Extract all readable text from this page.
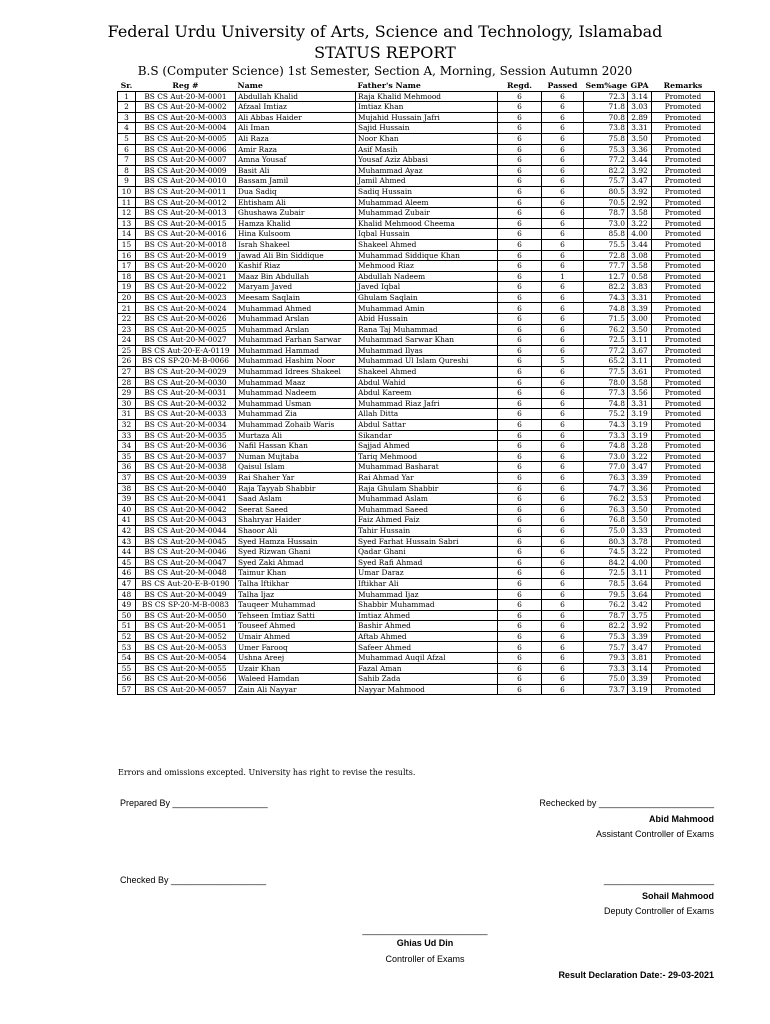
Federal Urdu University of Arts, Science and Technology, Islamabad
STATUS REPORT
B.S (Computer Science) 1st Semester, Section A, Morning, Session Autumn 2020
Sr.	Reg #	Name	Father's Name	Regd.	Passed	Sem%age	GPA	Remarks
1	BS CS Aut-20-M-0001	Abdullah Khalid	Raja Khalid Mehmood	6	6	72.3	3.14	Promoted
2	BS CS Aut-20-M-0002	Afzaal Imtiaz	Imtiaz Khan	6	6	71.8	3.03	Promoted
3	BS CS Aut-20-M-0003	Ali Abbas Haider	Mujahid Hussain Jafri	6	6	70.8	2.89	Promoted
4	BS CS Aut-20-M-0004	Ali Iman	Sajid Hussain	6	6	73.8	3.31	Promoted
5	BS CS Aut-20-M-0005	Ali Raza	Noor Khan	6	6	75.8	3.50	Promoted
6	BS CS Aut-20-M-0006	Amir Raza	Asif Masih	6	6	75.3	3.36	Promoted
7	BS CS Aut-20-M-0007	Amna Yousaf	Yousaf Aziz Abbasi	6	6	77.2	3.44	Promoted
8	BS CS Aut-20-M-0009	Basit Ali	Muhammad Ayaz	6	6	82.2	3.92	Promoted
9	BS CS Aut-20-M-0010	Bassam Jamil	Jamil Ahmed	6	6	75.7	3.47	Promoted
10	BS CS Aut-20-M-0011	Dua Sadiq	Sadiq Hussain	6	6	80.5	3.92	Promoted
11	BS CS Aut-20-M-0012	Ehtisham Ali	Muhammad Aleem	6	6	70.5	2.92	Promoted
12	BS CS Aut-20-M-0013	Ghushawa Zubair	Muhammad Zubair	6	6	78.7	3.58	Promoted
13	BS CS Aut-20-M-0015	Hamza Khalid	Khalid Mehmood Cheema	6	6	73.0	3.22	Promoted
14	BS CS Aut-20-M-0016	Hina Kulsoom	Iqbal Hussain	6	6	85.8	4.00	Promoted
15	BS CS Aut-20-M-0018	Israh Shakeel	Shakeel Ahmed	6	6	75.5	3.44	Promoted
16	BS CS Aut-20-M-0019	Jawad Ali Bin Siddique	Muhammad Siddique Khan	6	6	72.8	3.08	Promoted
17	BS CS Aut-20-M-0020	Kashif Riaz	Mehmood Riaz	6	6	77.7	3.58	Promoted
18	BS CS Aut-20-M-0021	Maaz Bin Abdullah	Abdullah Nadeem	6	1	12.7	0.58	Promoted
19	BS CS Aut-20-M-0022	Maryam Javed	Javed Iqbal	6	6	82.2	3.83	Promoted
20	BS CS Aut-20-M-0023	Meesam Saqlain	Ghulam Saqlain	6	6	74.3	3.31	Promoted
21	BS CS Aut-20-M-0024	Muhammad Ahmed	Muhammad Amin	6	6	74.8	3.39	Promoted
22	BS CS Aut-20-M-0026	Muhammad Arslan	Abid Hussain	6	6	71.5	3.00	Promoted
23	BS CS Aut-20-M-0025	Muhammad Arslan	Rana Taj Muhammad	6	6	76.2	3.50	Promoted
24	BS CS Aut-20-M-0027	Muhammad Farhan Sarwar	Muhammad Sarwar Khan	6	6	72.5	3.11	Promoted
25	BS CS Aut-20-E-A-0119	Muhammad Hammad	Muhammad Ilyas	6	6	77.2	3.67	Promoted
26	BS CS SP-20-M-B-0066	Muhammad Hashim Noor	Muhammad Ul Islam Qureshi	6	5	65.2	3.11	Promoted
27	BS CS Aut-20-M-0029	Muhammad Idrees Shakeel	Shakeel Ahmed	6	6	77.5	3.61	Promoted
28	BS CS Aut-20-M-0030	Muhammad Maaz	Abdul Wahid	6	6	78.0	3.58	Promoted
29	BS CS Aut-20-M-0031	Muhammad Nadeem	Abdul Kareem	6	6	77.3	3.56	Promoted
30	BS CS Aut-20-M-0032	Muhammad Usman	Muhammad Riaz Jafri	6	6	74.8	3.31	Promoted
31	BS CS Aut-20-M-0033	Muhammad Zia	Allah Ditta	6	6	75.2	3.19	Promoted
32	BS CS Aut-20-M-0034	Muhammad Zohaib Waris	Abdul Sattar	6	6	74.3	3.19	Promoted
33	BS CS Aut-20-M-0035	Murtaza Ali	Sikandar	6	6	73.3	3.19	Promoted
34	BS CS Aut-20-M-0036	Nafil Hassan Khan	Sajjad Ahmed	6	6	74.8	3.28	Promoted
35	BS CS Aut-20-M-0037	Numan Mujtaba	Tariq Mehmood	6	6	73.0	3.22	Promoted
36	BS CS Aut-20-M-0038	Qaisul Islam	Muhammad Basharat	6	6	77.0	3.47	Promoted
37	BS CS Aut-20-M-0039	Rai Shaher Yar	Rai Ahmad Yar	6	6	76.3	3.39	Promoted
38	BS CS Aut-20-M-0040	Raja Tayyab Shabbir	Raja Ghulam Shabbir	6	6	74.7	3.36	Promoted
39	BS CS Aut-20-M-0041	Saad Aslam	Muhammad Aslam	6	6	76.2	3.53	Promoted
40	BS CS Aut-20-M-0042	Seerat Saeed	Muhammad Saeed	6	6	76.3	3.50	Promoted
41	BS CS Aut-20-M-0043	Shahryar Haider	Faiz Ahmed Faiz	6	6	76.8	3.50	Promoted
42	BS CS Aut-20-M-0044	Shaoor Ali	Tahir Hussain	6	6	75.0	3.33	Promoted
43	BS CS Aut-20-M-0045	Syed Hamza Hussain	Syed Farhat Hussain Sabri	6	6	80.3	3.78	Promoted
44	BS CS Aut-20-M-0046	Syed Rizwan Ghani	Qadar Ghani	6	6	74.5	3.22	Promoted
45	BS CS Aut-20-M-0047	Syed Zaki Ahmad	Syed Rafi Ahmad	6	6	84.2	4.00	Promoted
46	BS CS Aut-20-M-0048	Taimur Khan	Umar Daraz	6	6	72.5	3.11	Promoted
47	BS CS Aut-20-E-B-0190	Talha Iftikhar	Iftikhar Ali	6	6	78.5	3.64	Promoted
48	BS CS Aut-20-M-0049	Talha Ijaz	Muhammad Ijaz	6	6	79.5	3.64	Promoted
49	BS CS SP-20-M-B-0083	Tauqeer Muhammad	Shabbir Muhammad	6	6	76.2	3.42	Promoted
50	BS CS Aut-20-M-0050	Tehseen Imtiaz Satti	Imtiaz Ahmed	6	6	78.7	3.75	Promoted
51	BS CS Aut-20-M-0051	Touseef Ahmed	Bashir Ahmed	6	6	82.2	3.92	Promoted
52	BS CS Aut-20-M-0052	Umair Ahmed	Aftab Ahmed	6	6	75.3	3.39	Promoted
53	BS CS Aut-20-M-0053	Umer Farooq	Safeer Ahmed	6	6	75.7	3.47	Promoted
54	BS CS Aut-20-M-0054	Ushna Areej	Muhammad Auqil Afzal	6	6	79.3	3.81	Promoted
55	BS CS Aut-20-M-0055	Uzair Khan	Fazal Aman	6	6	73.3	3.14	Promoted
56	BS CS Aut-20-M-0056	Waleed Hamdan	Sahib Zada	6	6	75.0	3.39	Promoted
57	BS CS Aut-20-M-0057	Zain Ali Nayyar	Nayyar Mahmood	6	6	73.7	3.19	Promoted
Errors and omissions excepted. University has right to revise the results.
Prepared By ___________________	Rechecked by _______________________
Abid Mahmood
Assistant Controller of Exams
Checked By ___________________	______________________
Sohail Mahmood
Deputy Controller of Exams
_________________________
Ghias Ud Din
Controller of Exams
Result Declaration Date:- 29-03-2021
